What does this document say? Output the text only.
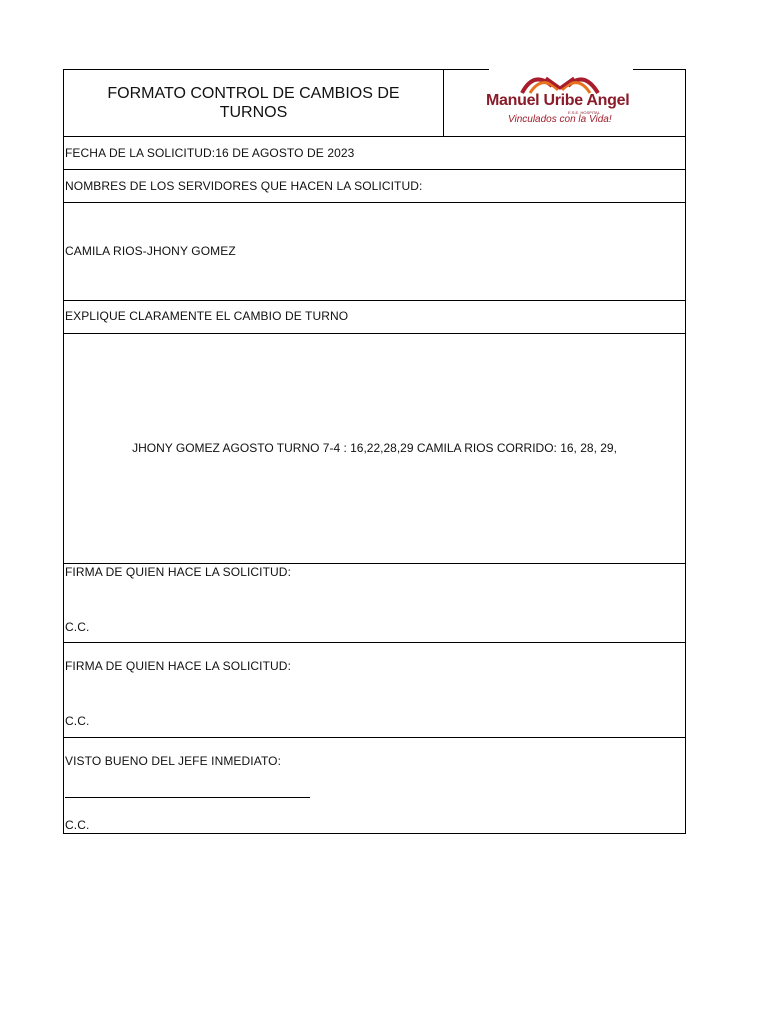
FORMATO CONTROL DE CAMBIOS DE TURNOS
Manuel Uribe Angel
E.S.E. HOSPITAL
Vinculados con la Vida!
FECHA DE LA SOLICITUD:16 DE AGOSTO DE 2023
NOMBRES DE LOS SERVIDORES QUE HACEN LA SOLICITUD:
CAMILA RIOS-JHONY GOMEZ
EXPLIQUE CLARAMENTE EL CAMBIO DE TURNO
JHONY GOMEZ AGOSTO TURNO 7-4 : 16,22,28,29 CAMILA RIOS CORRIDO: 16, 28, 29,
FIRMA DE QUIEN HACE LA SOLICITUD:
C.C.
FIRMA DE QUIEN HACE LA SOLICITUD:
C.C.
VISTO BUENO DEL JEFE INMEDIATO:
C.C.
